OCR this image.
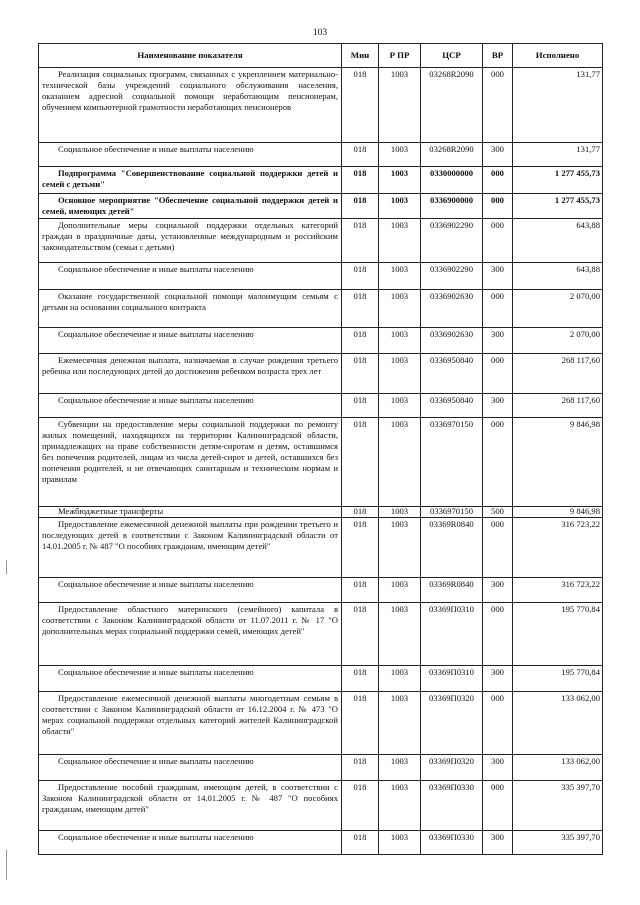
103
Наименование показателя	Мин	Р ПР	ЦСР	ВР	Исполнено
Реализация социальных программ, связанных с укреплением материально-технической базы учреждений социального обслуживания населения, оказанием адресной социальной помощи неработающим пенсионерам, обучением компьютерной грамотности неработающих пенсионеров	018	1003	03268R2090	000	131,77
Социальное обеспечение и иные выплаты населению	018	1003	03268R2090	300	131,77
Подпрограмма "Совершенствование социальной поддержки детей и семей с детьми"	018	1003	0330000000	000	1 277 455,73
Основное мероприятие "Обеспечение социальной поддержки детей и семей, имеющих детей"	018	1003	0336900000	000	1 277 455,73
Дополнительные меры социальной поддержки отдельных категорий граждан в праздничные даты, установленные международным и российским законодательством (семьи с детьми)	018	1003	0336902290	000	643,88
Социальное обеспечение и иные выплаты населению	018	1003	0336902290	300	643,88
Оказание государственной социальной помощи малоимущим семьям с детьми на основании социального контракта	018	1003	0336902630	000	2 070,00
Социальное обеспечение и иные выплаты населению	018	1003	0336902630	300	2 070,00
Ежемесячная денежная выплата, назначаемая в случае рождения третьего ребенка или последующих детей до достижения ребенком возраста трех лет	018	1003	0336950840	000	268 117,60
Социальное обеспечение и иные выплаты населению	018	1003	0336950840	300	268 117,60
Субвенции на предоставление меры социальной поддержки по ремонту жилых помещений, находящихся на территории Калининградской области, принадлежащих на праве собственности детям-сиротам и детям, оставшимся без попечения родителей, лицам из числа детей-сирот и детей, оставшихся без попечения родителей, и не отвечающих санитарным и техническим нормам и правилам	018	1003	0336970150	000	9 846,98
Межбюджетные трансферты	018	1003	0336970150	500	9 846,98
Предоставление ежемесячной денежной выплаты при рождении третьего и последующих детей в соответствии с Законом Калининградской области от 14.01.2005 г. № 487 "О пособиях гражданам, имеющим детей"	018	1003	03369R0840	000	316 723,22
Социальное обеспечение и иные выплаты населению	018	1003	03369R0840	300	316 723,22
Предоставление областного материнского (семейного) капитала в соответствии с Законом Калининградской области от 11.07.2011 г. № 17 "О дополнительных мерах социальной поддержки семей, имеющих детей"	018	1003	03369П0310	000	195 770,84
Социальное обеспечение и иные выплаты населению	018	1003	03369П0310	300	195 770,84
Предоставление ежемесячной денежной выплаты многодетным семьям в соответствии с Законом Калининградской области от 16.12.2004 г. № 473 "О мерах социальной поддержки отдельных категорий жителей Калининградской области"	018	1003	03369П0320	000	133 062,00
Социальное обеспечение и иные выплаты населению	018	1003	03369П0320	300	133 062,00
Предоставление пособий гражданам, имеющим детей, в соответствии с Законом Калининградской области от 14.01.2005 г. № 487 "О пособиях гражданам, имеющим детей"	018	1003	03369П0330	000	335 397,70
Социальное обеспечение и иные выплаты населению	018	1003	03369П0330	300	335 397,70
